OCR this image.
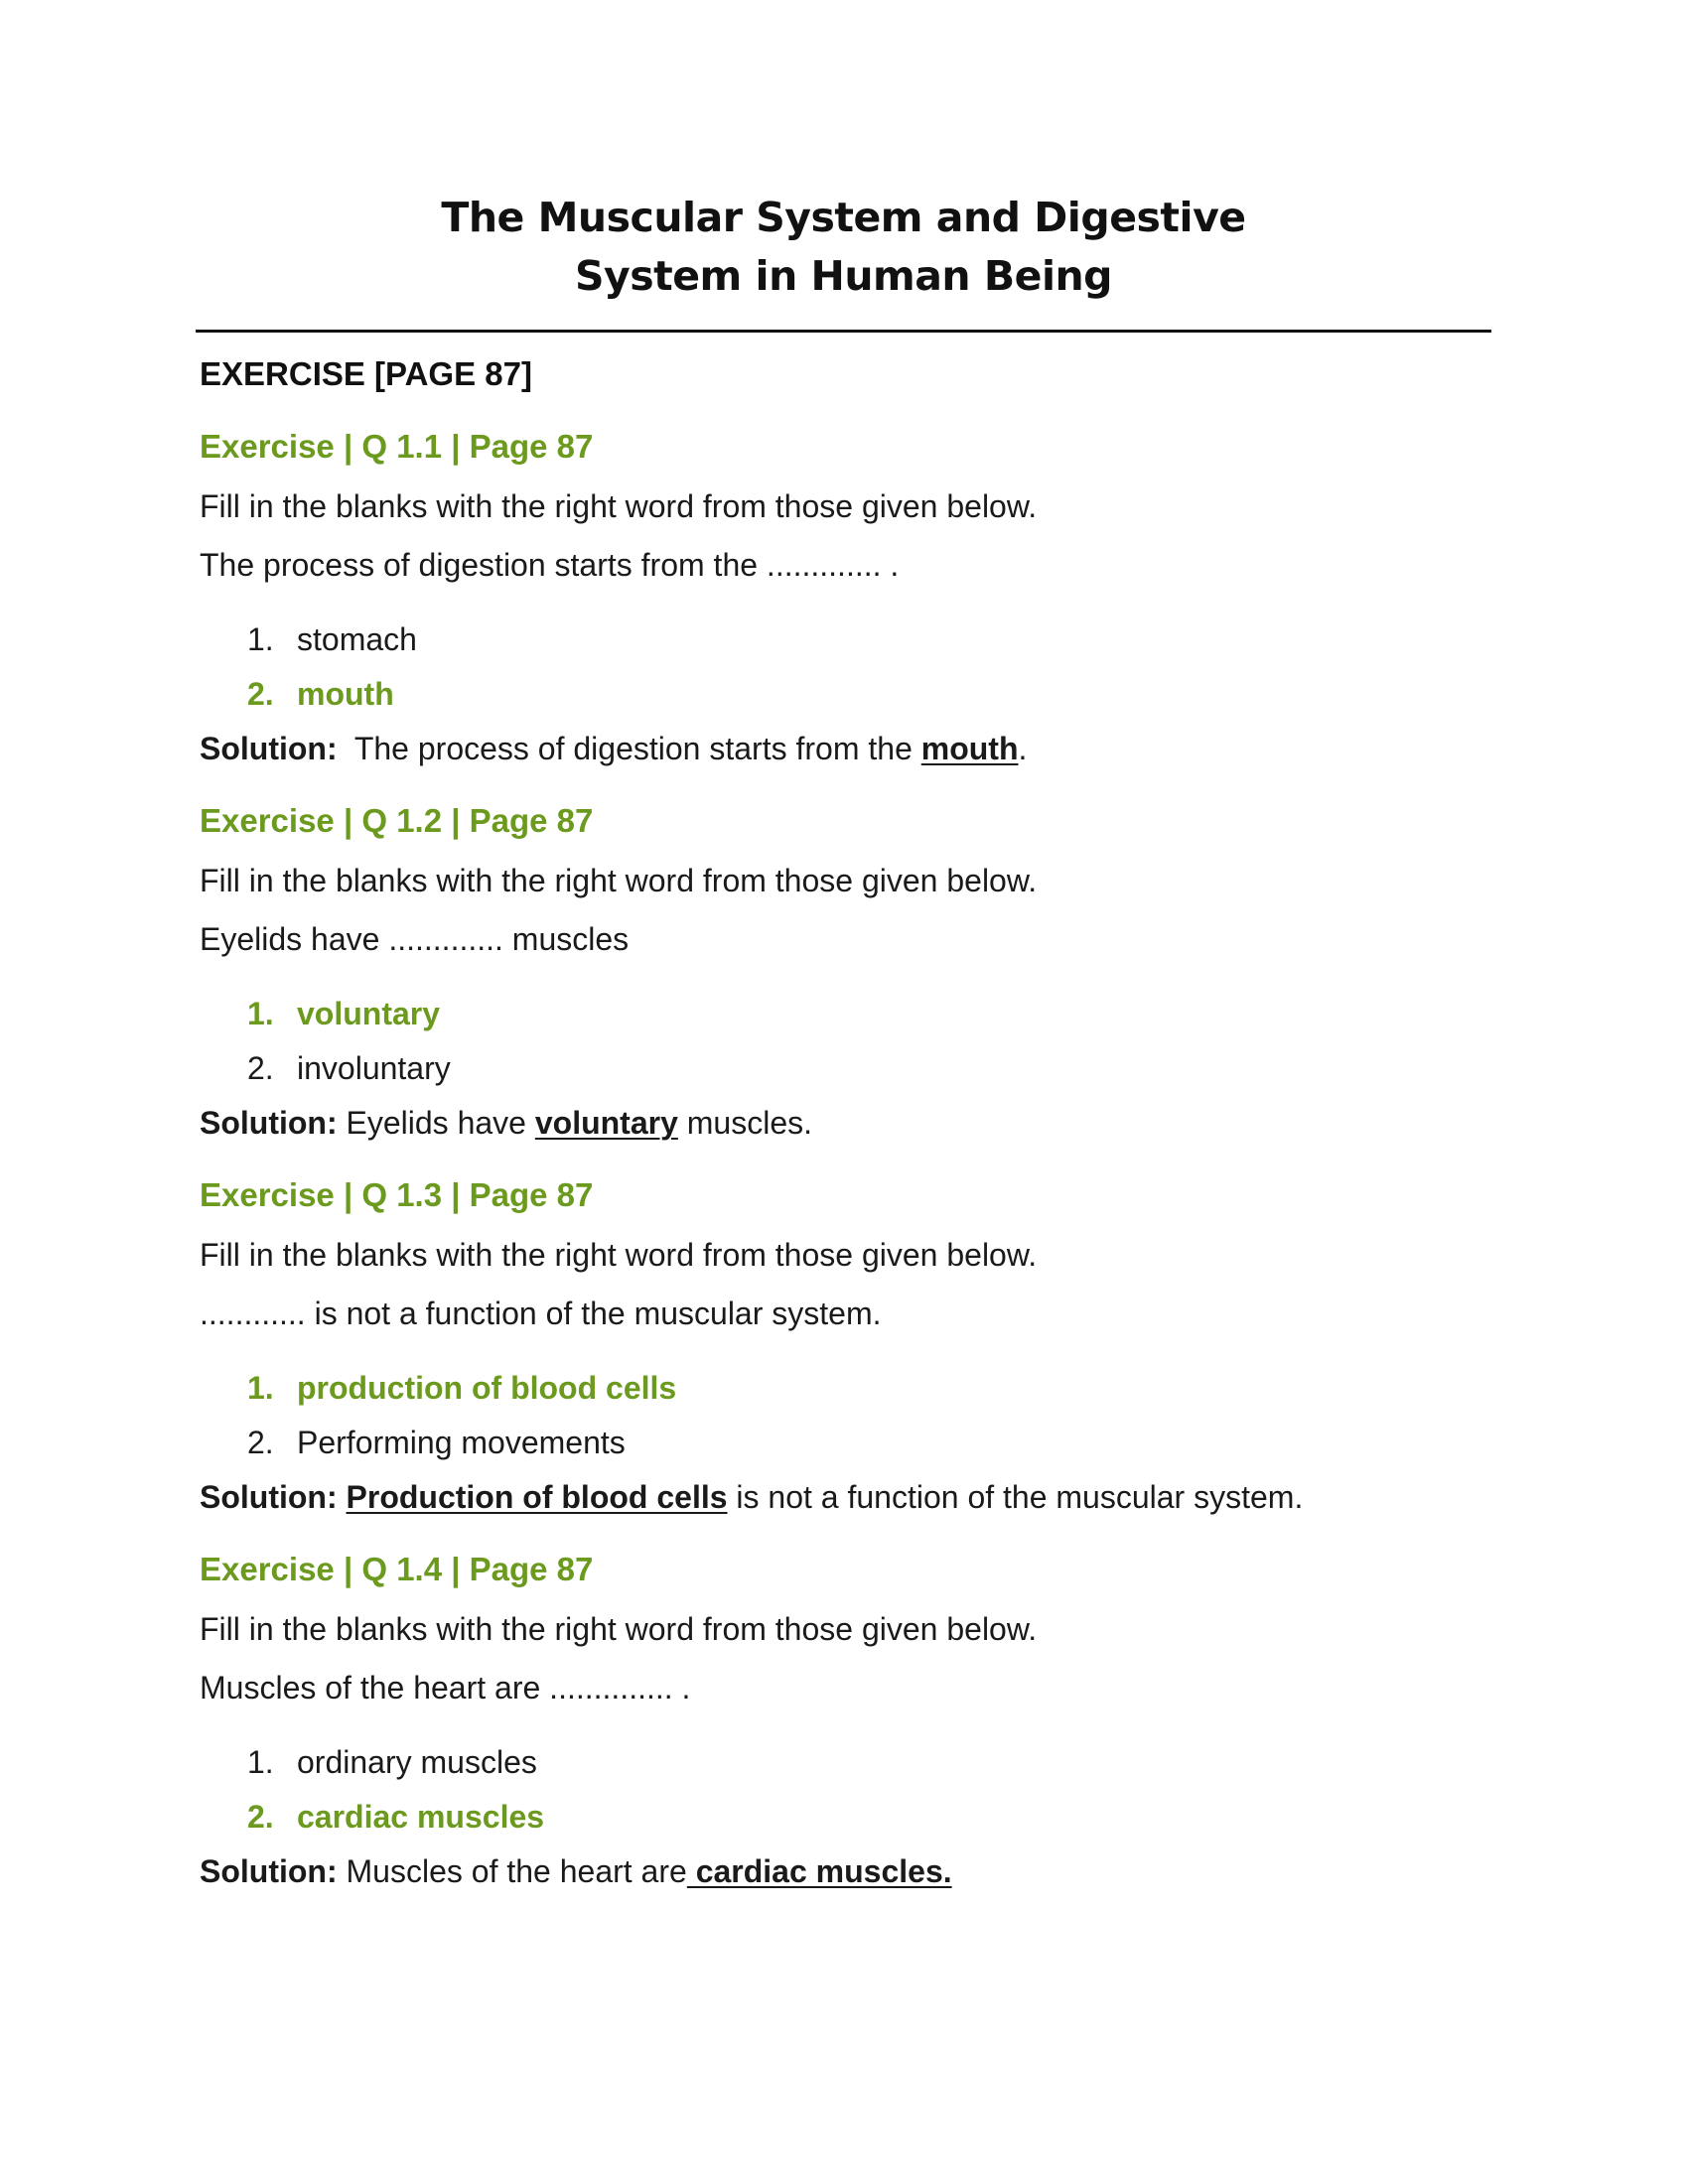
The Muscular System and Digestive
System in Human Being
EXERCISE [PAGE 87]
Exercise | Q 1.1 | Page 87
Fill in the blanks with the right word from those given below.
The process of digestion starts from the ............. .
1. stomach
2. mouth
Solution:  The process of digestion starts from the mouth.
Exercise | Q 1.2 | Page 87
Fill in the blanks with the right word from those given below.
Eyelids have ............. muscles
1. voluntary
2. involuntary
Solution: Eyelids have voluntary muscles.
Exercise | Q 1.3 | Page 87
Fill in the blanks with the right word from those given below.
............ is not a function of the muscular system.
1. production of blood cells
2. Performing movements
Solution: Production of blood cells is not a function of the muscular system.
Exercise | Q 1.4 | Page 87
Fill in the blanks with the right word from those given below.
Muscles of the heart are .............. .
1. ordinary muscles
2. cardiac muscles
Solution: Muscles of the heart are cardiac muscles.
